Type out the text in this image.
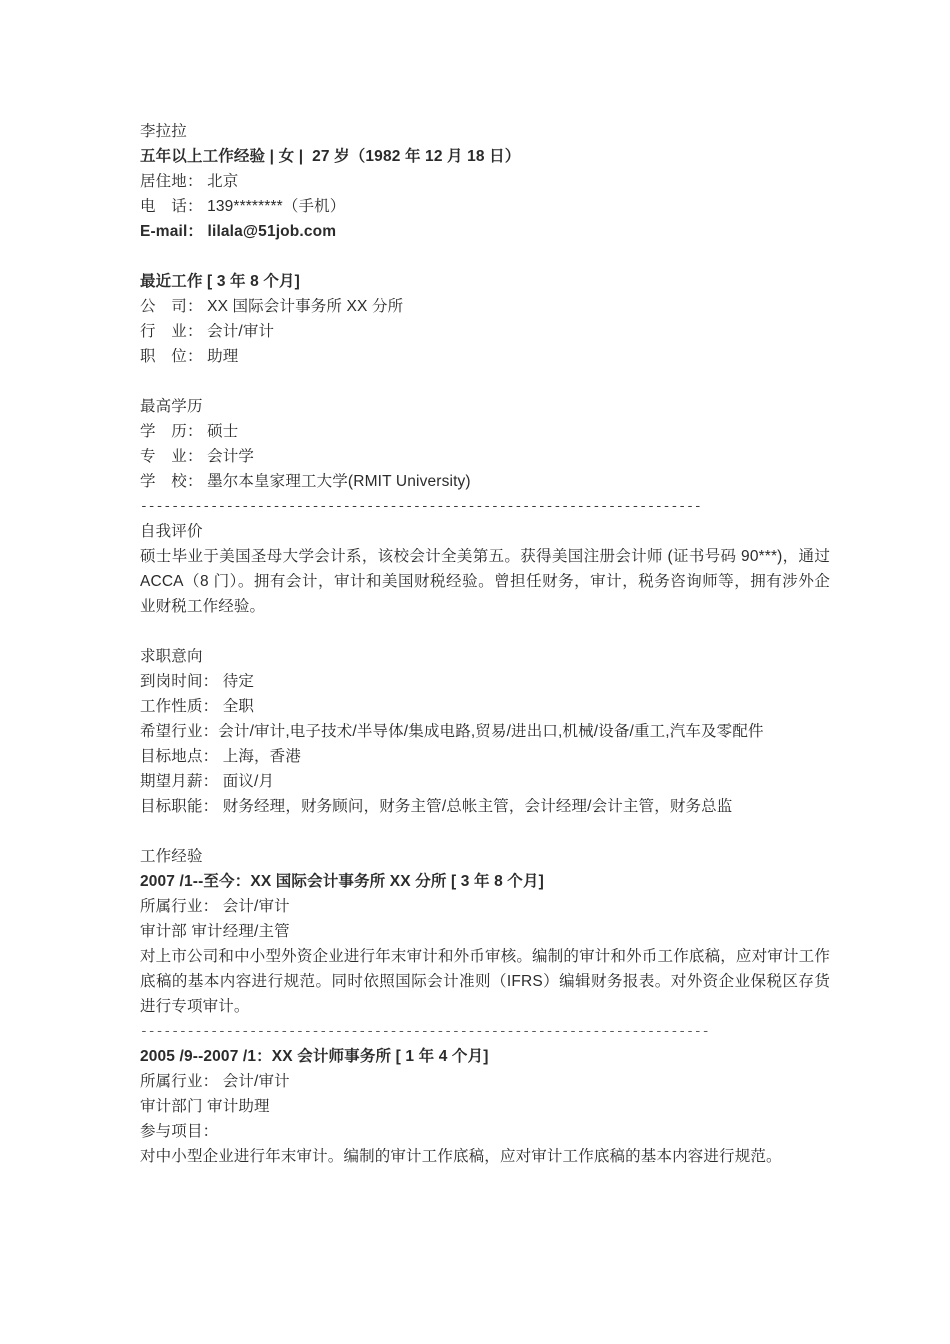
李拉拉
五年以上工作经验 | 女 |  27 岁（1982 年 12 月 18 日）
居住地： 北京
电　话： 139********（手机）
E-mail： lilala@51job.com
最近工作 [ 3 年 8 个月]
公　司： XX 国际会计事务所 XX 分所
行　业： 会计/审计
职　位： 助理
最高学历
学　历： 硕士
专　业： 会计学
学　校： 墨尔本皇家理工大学(RMIT University)
------------------------------------------------------------------------
自我评价
硕士毕业于美国圣母大学会计系，该校会计全美第五。获得美国注册会计师 (证书号码 90***)，通过 ACCA（8 门）。拥有会计，审计和美国财税经验。曾担任财务，审计，税务咨询师等，拥有涉外企业财税工作经验。
求职意向
到岗时间： 待定
工作性质： 全职
希望行业：会计/审计,电子技术/半导体/集成电路,贸易/进出口,机械/设备/重工,汽车及零配件
目标地点： 上海，香港
期望月薪： 面议/月
目标职能： 财务经理，财务顾问，财务主管/总帐主管，会计经理/会计主管，财务总监
工作经验
2007 /1--至今：XX 国际会计事务所 XX 分所 [ 3 年 8 个月]
所属行业： 会计/审计
审计部 审计经理/主管
对上市公司和中小型外资企业进行年末审计和外币审核。编制的审计和外币工作底稿，应对审计工作底稿的基本内容进行规范。同时依照国际会计准则（IFRS）编辑财务报表。对外资企业保税区存货进行专项审计。
-------------------------------------------------------------------------
2005 /9--2007 /1：XX 会计师事务所 [ 1 年 4 个月]
所属行业： 会计/审计
审计部门 审计助理
参与项目：
对中小型企业进行年末审计。编制的审计工作底稿，应对审计工作底稿的基本内容进行规范。
